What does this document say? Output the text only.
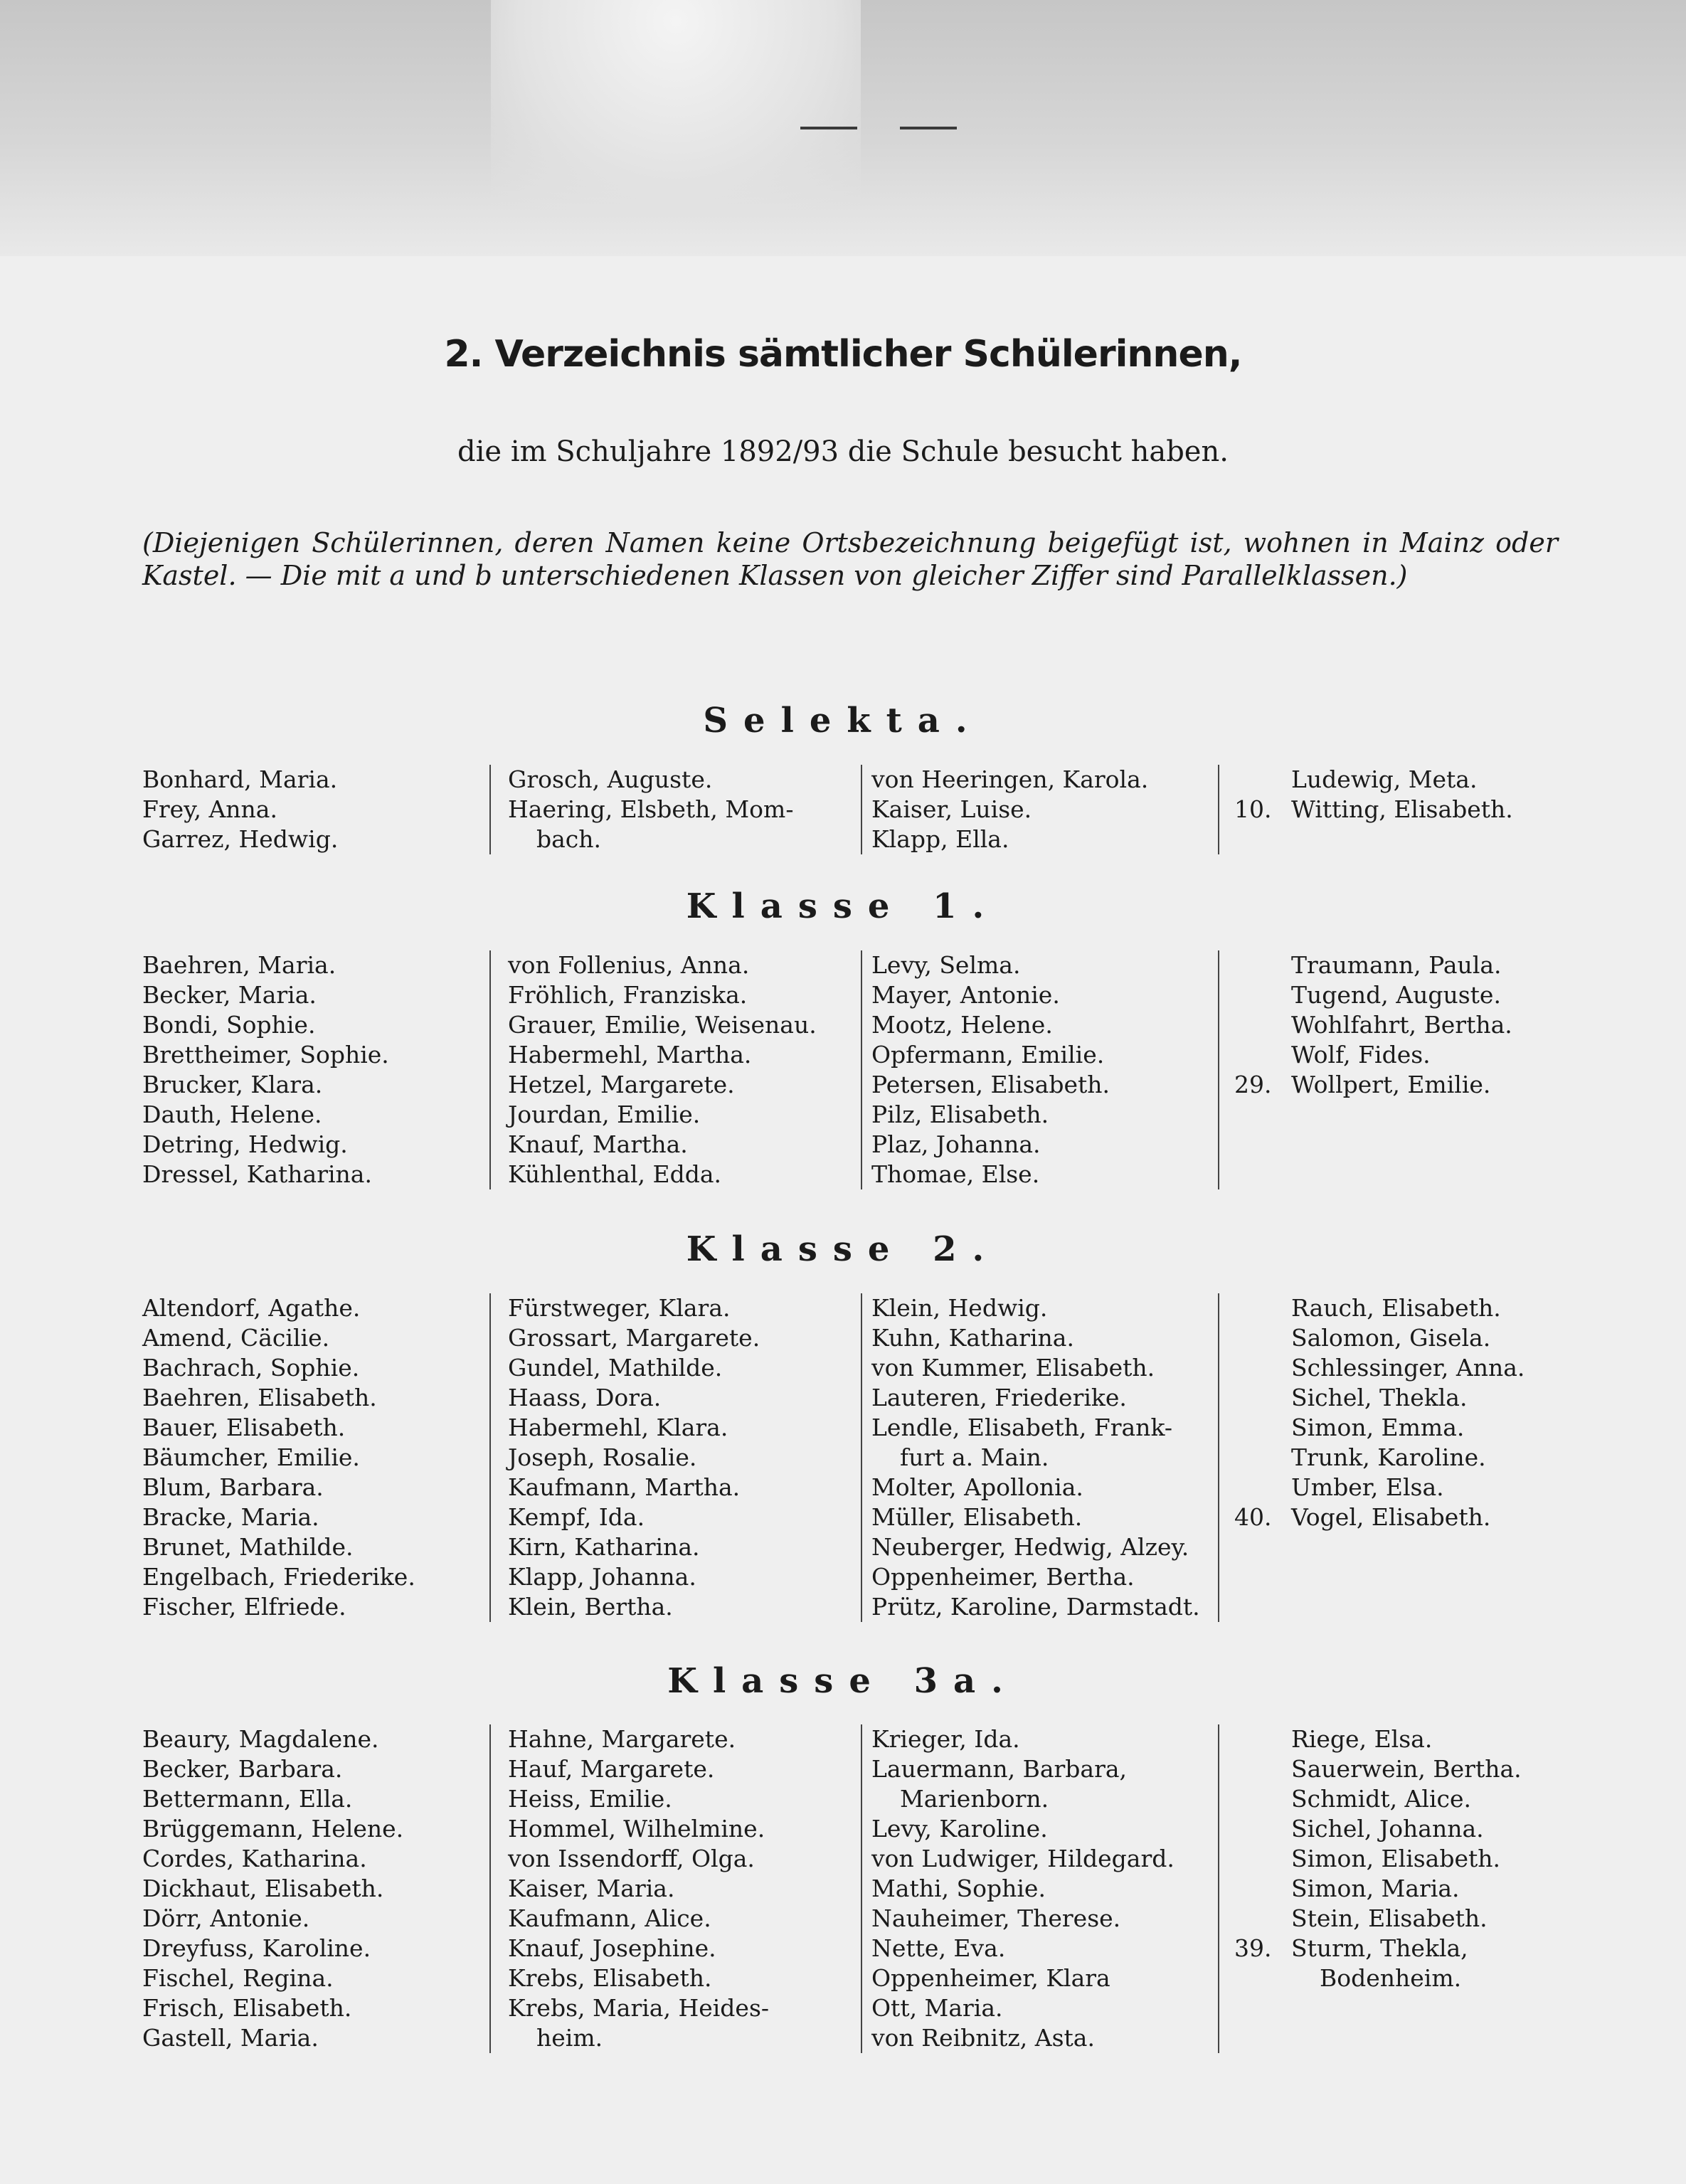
2. Verzeichnis sämtlicher Schülerinnen,
die im Schuljahre 1892/93 die Schule besucht haben.
(Diejenigen Schülerinnen, deren Namen keine Ortsbezeichnung beigefügt ist, wohnen in Mainz oder
Kastel. — Die mit a und b unterschiedenen Klassen von gleicher Ziffer sind Parallelklassen.)
Selekta.
Bonhard, Maria.
Frey, Anna.
Garrez, Hedwig.
Grosch, Auguste.
Haering, Elsbeth, Mom-
bach.
von Heeringen, Karola.
Kaiser, Luise.
Klapp, Ella.
Ludewig, Meta.
10. Witting, Elisabeth.
Klasse 1.
Baehren, Maria.
Becker, Maria.
Bondi, Sophie.
Brettheimer, Sophie.
Brucker, Klara.
Dauth, Helene.
Detring, Hedwig.
Dressel, Katharina.
von Follenius, Anna.
Fröhlich, Franziska.
Grauer, Emilie, Weisenau.
Habermehl, Martha.
Hetzel, Margarete.
Jourdan, Emilie.
Knauf, Martha.
Kühlenthal, Edda.
Levy, Selma.
Mayer, Antonie.
Mootz, Helene.
Opfermann, Emilie.
Petersen, Elisabeth.
Pilz, Elisabeth.
Plaz, Johanna.
Thomae, Else.
Traumann, Paula.
Tugend, Auguste.
Wohlfahrt, Bertha.
Wolf, Fides.
29. Wollpert, Emilie.
Klasse 2.
Altendorf, Agathe.
Amend, Cäcilie.
Bachrach, Sophie.
Baehren, Elisabeth.
Bauer, Elisabeth.
Bäumcher, Emilie.
Blum, Barbara.
Bracke, Maria.
Brunet, Mathilde.
Engelbach, Friederike.
Fischer, Elfriede.
Fürstweger, Klara.
Grossart, Margarete.
Gundel, Mathilde.
Haass, Dora.
Habermehl, Klara.
Joseph, Rosalie.
Kaufmann, Martha.
Kempf, Ida.
Kirn, Katharina.
Klapp, Johanna.
Klein, Bertha.
Klein, Hedwig.
Kuhn, Katharina.
von Kummer, Elisabeth.
Lauteren, Friederike.
Lendle, Elisabeth, Frank-
furt a. Main.
Molter, Apollonia.
Müller, Elisabeth.
Neuberger, Hedwig, Alzey.
Oppenheimer, Bertha.
Prütz, Karoline, Darmstadt.
Rauch, Elisabeth.
Salomon, Gisela.
Schlessinger, Anna.
Sichel, Thekla.
Simon, Emma.
Trunk, Karoline.
Umber, Elsa.
40. Vogel, Elisabeth.
Klasse 3a.
Beaury, Magdalene.
Becker, Barbara.
Bettermann, Ella.
Brüggemann, Helene.
Cordes, Katharina.
Dickhaut, Elisabeth.
Dörr, Antonie.
Dreyfuss, Karoline.
Fischel, Regina.
Frisch, Elisabeth.
Gastell, Maria.
Hahne, Margarete.
Hauf, Margarete.
Heiss, Emilie.
Hommel, Wilhelmine.
von Issendorff, Olga.
Kaiser, Maria.
Kaufmann, Alice.
Knauf, Josephine.
Krebs, Elisabeth.
Krebs, Maria, Heides-
heim.
Krieger, Ida.
Lauermann, Barbara,
Marienborn.
Levy, Karoline.
von Ludwiger, Hildegard.
Mathi, Sophie.
Nauheimer, Therese.
Nette, Eva.
Oppenheimer, Klara
Ott, Maria.
von Reibnitz, Asta.
Riege, Elsa.
Sauerwein, Bertha.
Schmidt, Alice.
Sichel, Johanna.
Simon, Elisabeth.
Simon, Maria.
Stein, Elisabeth.
39. Sturm, Thekla,
Bodenheim.
